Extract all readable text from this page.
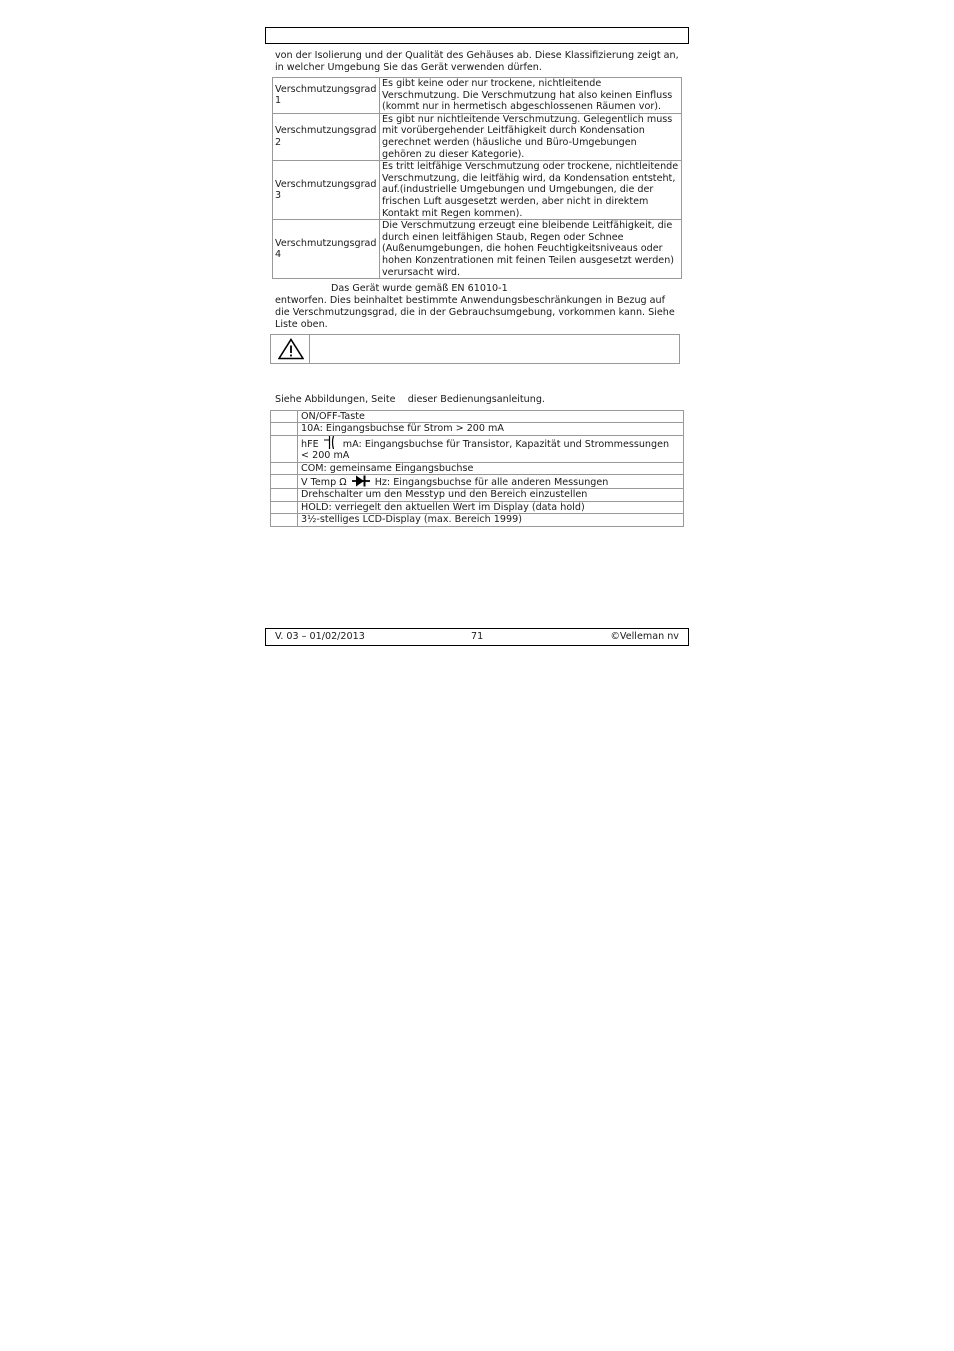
von der Isolierung und der Qualität des Gehäuses ab. Diese Klassifizierung zeigt an, in welcher Umgebung Sie das Gerät verwenden dürfen.

Verschmutzungsgrad 1	Es gibt keine oder nur trockene, nichtleitende Verschmutzung. Die Verschmutzung hat also keinen Einfluss (kommt nur in hermetisch abgeschlossenen Räumen vor).
Verschmutzungsgrad 2	Es gibt nur nichtleitende Verschmutzung. Gelegentlich muss mit vorübergehender Leitfähigkeit durch Kondensation gerechnet werden (häusliche und Büro-Umgebungen gehören zu dieser Kategorie).
Verschmutzungsgrad 3	Es tritt leitfähige Verschmutzung oder trockene, nichtleitende Verschmutzung, die leitfähig wird, da Kondensation entsteht, auf.(industrielle Umgebungen und Umgebungen, die der frischen Luft ausgesetzt werden, aber nicht in direktem Kontakt mit Regen kommen).
Verschmutzungsgrad 4	Die Verschmutzung erzeugt eine bleibende Leitfähigkeit, die durch einen leitfähigen Staub, Regen oder Schnee (Außenumgebungen, die hohen Feuchtigkeitsniveaus oder hohen Konzentrationen mit feinen Teilen ausgesetzt werden) verursacht wird.

Das Gerät wurde gemäß EN 61010-1
entworfen. Dies beinhaltet bestimmte Anwendungsbeschränkungen in Bezug auf die Verschmutzungsgrad, die in der Gebrauchsumgebung, vorkommen kann. Siehe Liste oben.

Siehe Abbildungen, Seite    dieser Bedienungsanleitung.

	ON/OFF-Taste
	10A: Eingangsbuchse für Strom > 200 mA
	hFE mA: Eingangsbuchse für Transistor, Kapazität und Strommessungen < 200 mA
	COM: gemeinsame Eingangsbuchse
	V Temp Ω Hz: Eingangsbuchse für alle anderen Messungen
	Drehschalter um den Messtyp und den Bereich einzustellen
	HOLD: verriegelt den aktuellen Wert im Display (data hold)
	3½-stelliges LCD-Display (max. Bereich 1999)
V. 03 – 01/02/2013	71	©Velleman nv
